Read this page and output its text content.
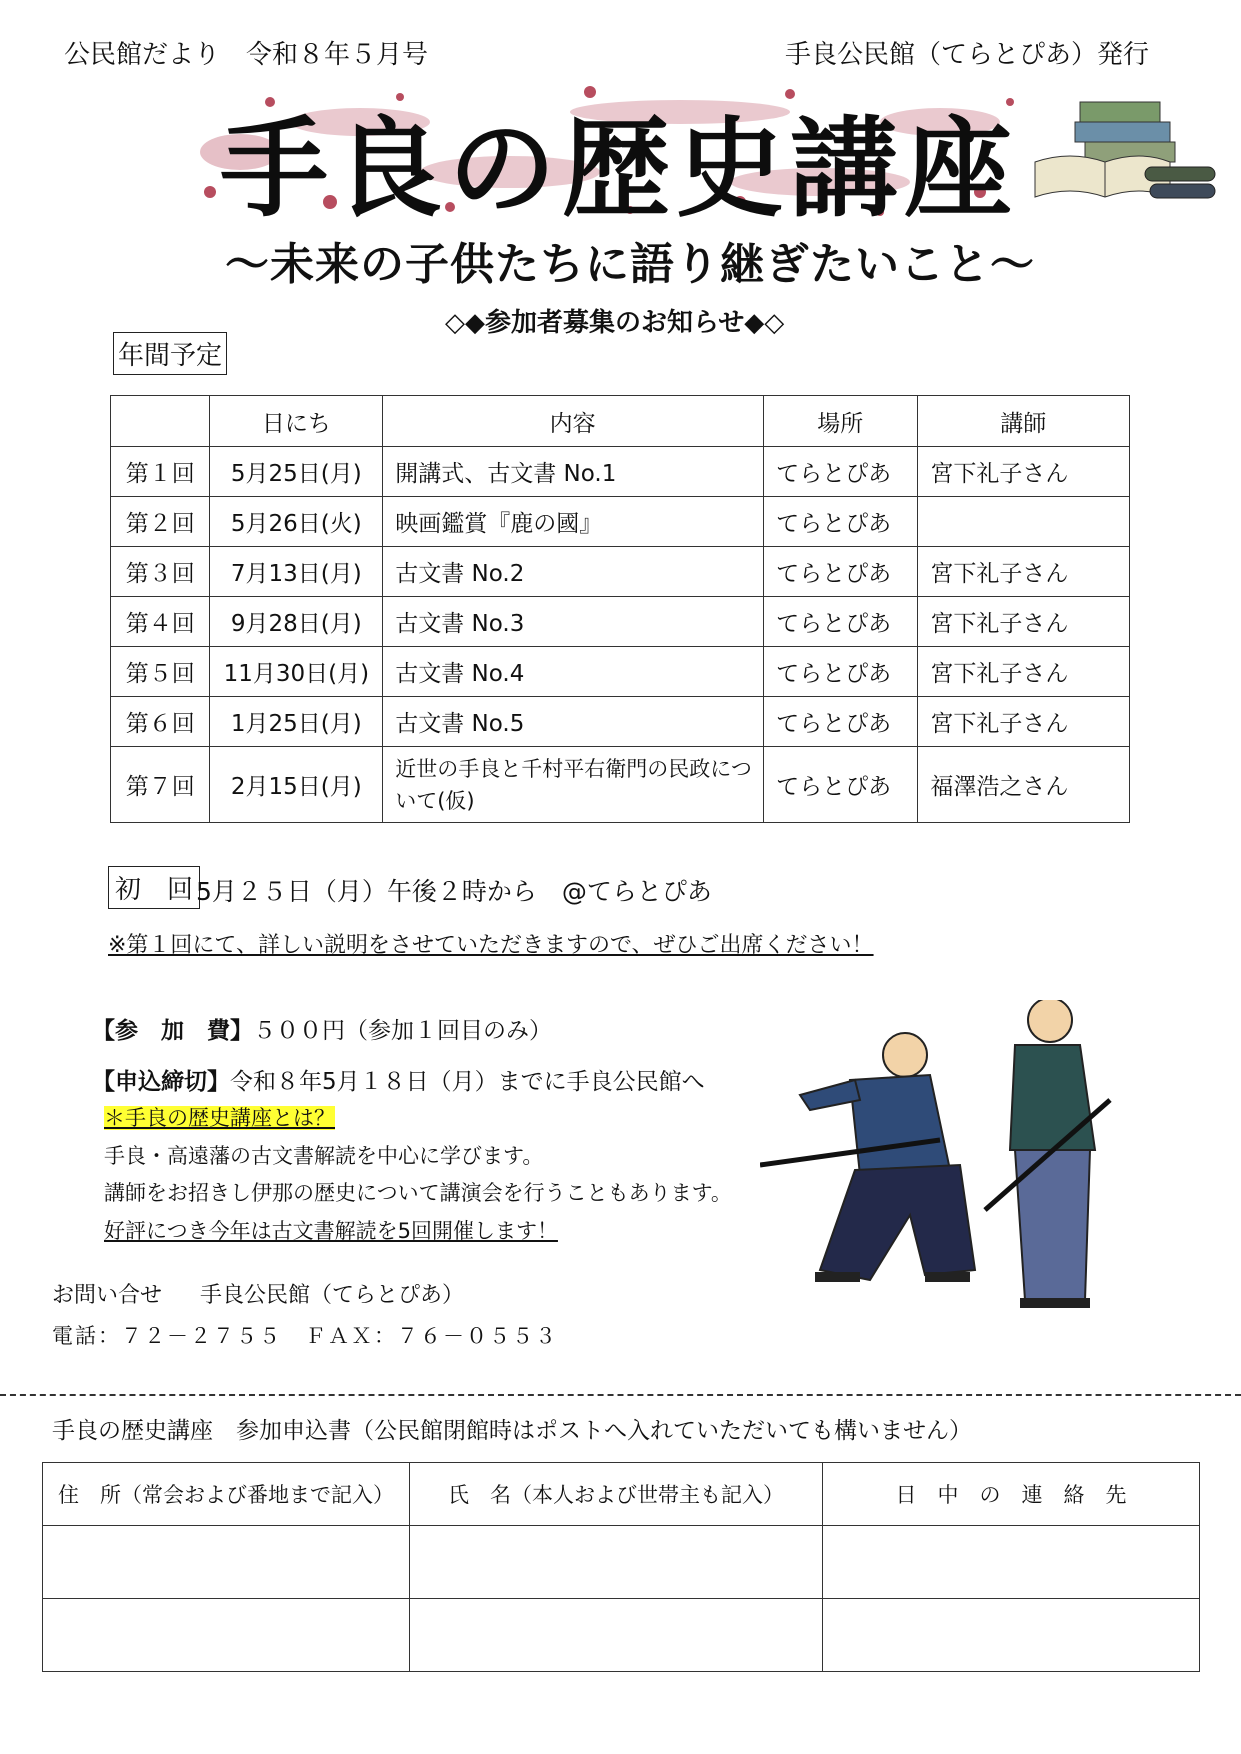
公民館だより　令和８年５月号	手良公民館（てらとぴあ）発行
手良の歴史講座
～未来の子供たちに語り継ぎたいこと～
◇◆参加者募集のお知らせ◆◇
年間予定
	日にち	内容	場所	講師
第１回	5月25日(月)	開講式、古文書 No.1	てらとぴあ	宮下礼子さん
第２回	5月26日(火)	映画鑑賞『鹿の國』	てらとぴあ	
第３回	7月13日(月)	古文書 No.2	てらとぴあ	宮下礼子さん
第４回	9月28日(月)	古文書 No.3	てらとぴあ	宮下礼子さん
第５回	11月30日(月)	古文書 No.4	てらとぴあ	宮下礼子さん
第６回	1月25日(月)	古文書 No.5	てらとぴあ	宮下礼子さん
第７回	2月15日(月)	近世の手良と千村平右衛門の民政について(仮)	てらとぴあ	福澤浩之さん
初　回 5月２５日（月）午後２時から　@てらとぴあ
※第１回にて、詳しい説明をさせていただきますので、ぜひご出席ください！
【参　加　費】５００円（参加１回目のみ）
【申込締切】令和８年5月１８日（月）までに手良公民館へ
＊手良の歴史講座とは？
手良・高遠藩の古文書解読を中心に学びます。
講師をお招きし伊那の歴史について講演会を行うこともあります。
好評につき今年は古文書解読を5回開催します！
お問い合せ 手良公民館（てらとぴあ）
電話：７２－２７５５　ＦＡＸ：７６－０５５３
手良の歴史講座　参加申込書（公民館閉館時はポストへ入れていただいても構いません）
住　所（常会および番地まで記入）	氏　名（本人および世帯主も記入）	日　中　の　連　絡　先
